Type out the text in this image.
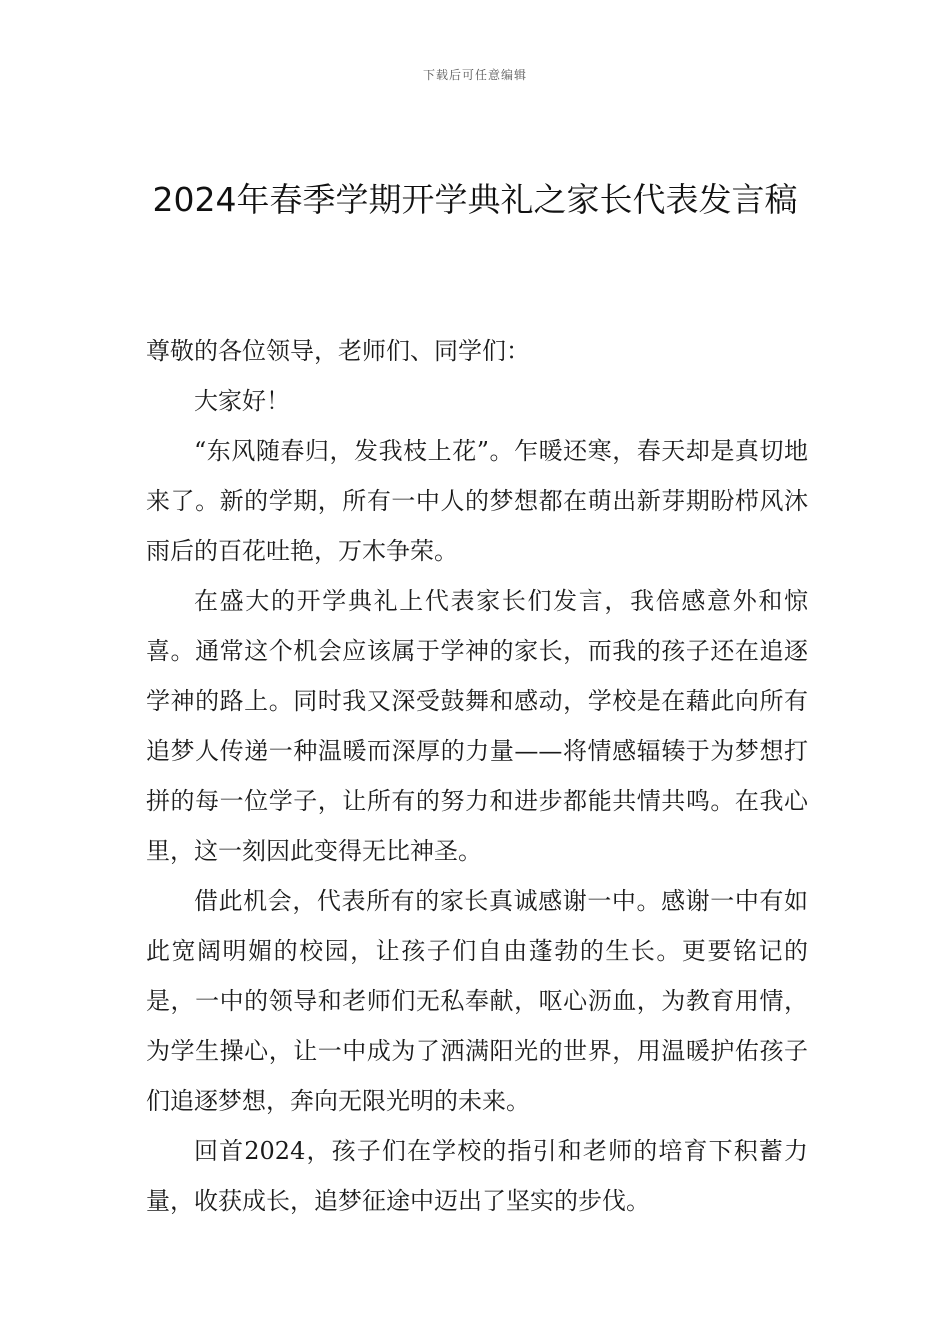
下载后可任意编辑
2024年春季学期开学典礼之家长代表发言稿

尊敬的各位领导，老师们、同学们：

大家好！

“东风随春归，发我枝上花”。乍暖还寒，春天却是真切地来了。新的学期，所有一中人的梦想都在萌出新芽期盼栉风沐雨后的百花吐艳，万木争荣。

在盛大的开学典礼上代表家长们发言，我倍感意外和惊喜。通常这个机会应该属于学神的家长，而我的孩子还在追逐学神的路上。同时我又深受鼓舞和感动，学校是在藉此向所有追梦人传递一种温暖而深厚的力量——将情感辐辏于为梦想打拼的每一位学子，让所有的努力和进步都能共情共鸣。在我心里，这一刻因此变得无比神圣。

借此机会，代表所有的家长真诚感谢一中。感谢一中有如此宽阔明媚的校园，让孩子们自由蓬勃的生长。更要铭记的是，一中的领导和老师们无私奉献，呕心沥血，为教育用情，为学生操心，让一中成为了洒满阳光的世界，用温暖护佑孩子们追逐梦想，奔向无限光明的未来。

回首2024，孩子们在学校的指引和老师的培育下积蓄力量，收获成长，追梦征途中迈出了坚实的步伐。
